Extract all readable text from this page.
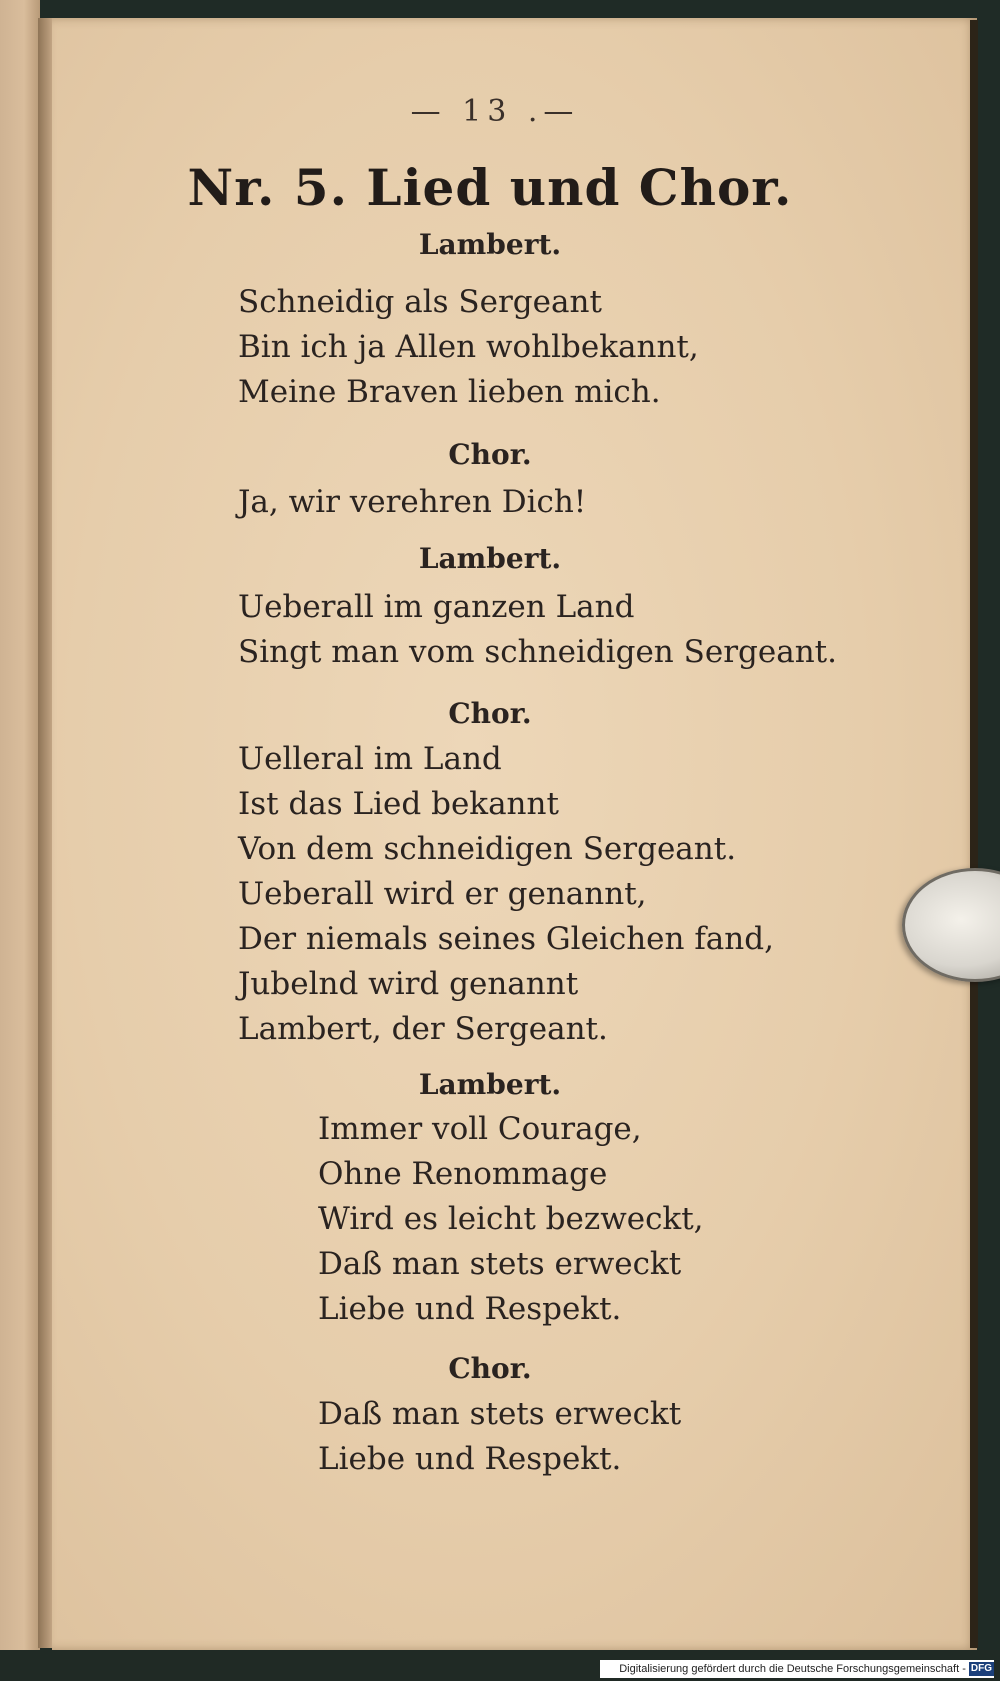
— 13 .—
Nr. 5. Lied und Chor.
Lambert.
Schneidig als Sergeant
Bin ich ja Allen wohlbekannt,
Meine Braven lieben mich.
Chor.
Ja, wir verehren Dich!
Lambert.
Ueberall im ganzen Land
Singt man vom schneidigen Sergeant.
Chor.
Uelleral im Land
Ist das Lied bekannt
Von dem schneidigen Sergeant.
Ueberall wird er genannt,
Der niemals seines Gleichen fand,
Jubelnd wird genannt
Lambert, der Sergeant.
Lambert.
Immer voll Courage,
Ohne Renommage
Wird es leicht bezweckt,
Daß man stets erweckt
Liebe und Respekt.
Chor.
Daß man stets erweckt
Liebe und Respekt.
Digitalisierung gefördert durch die Deutsche Forschungsgemeinschaft - DFG
